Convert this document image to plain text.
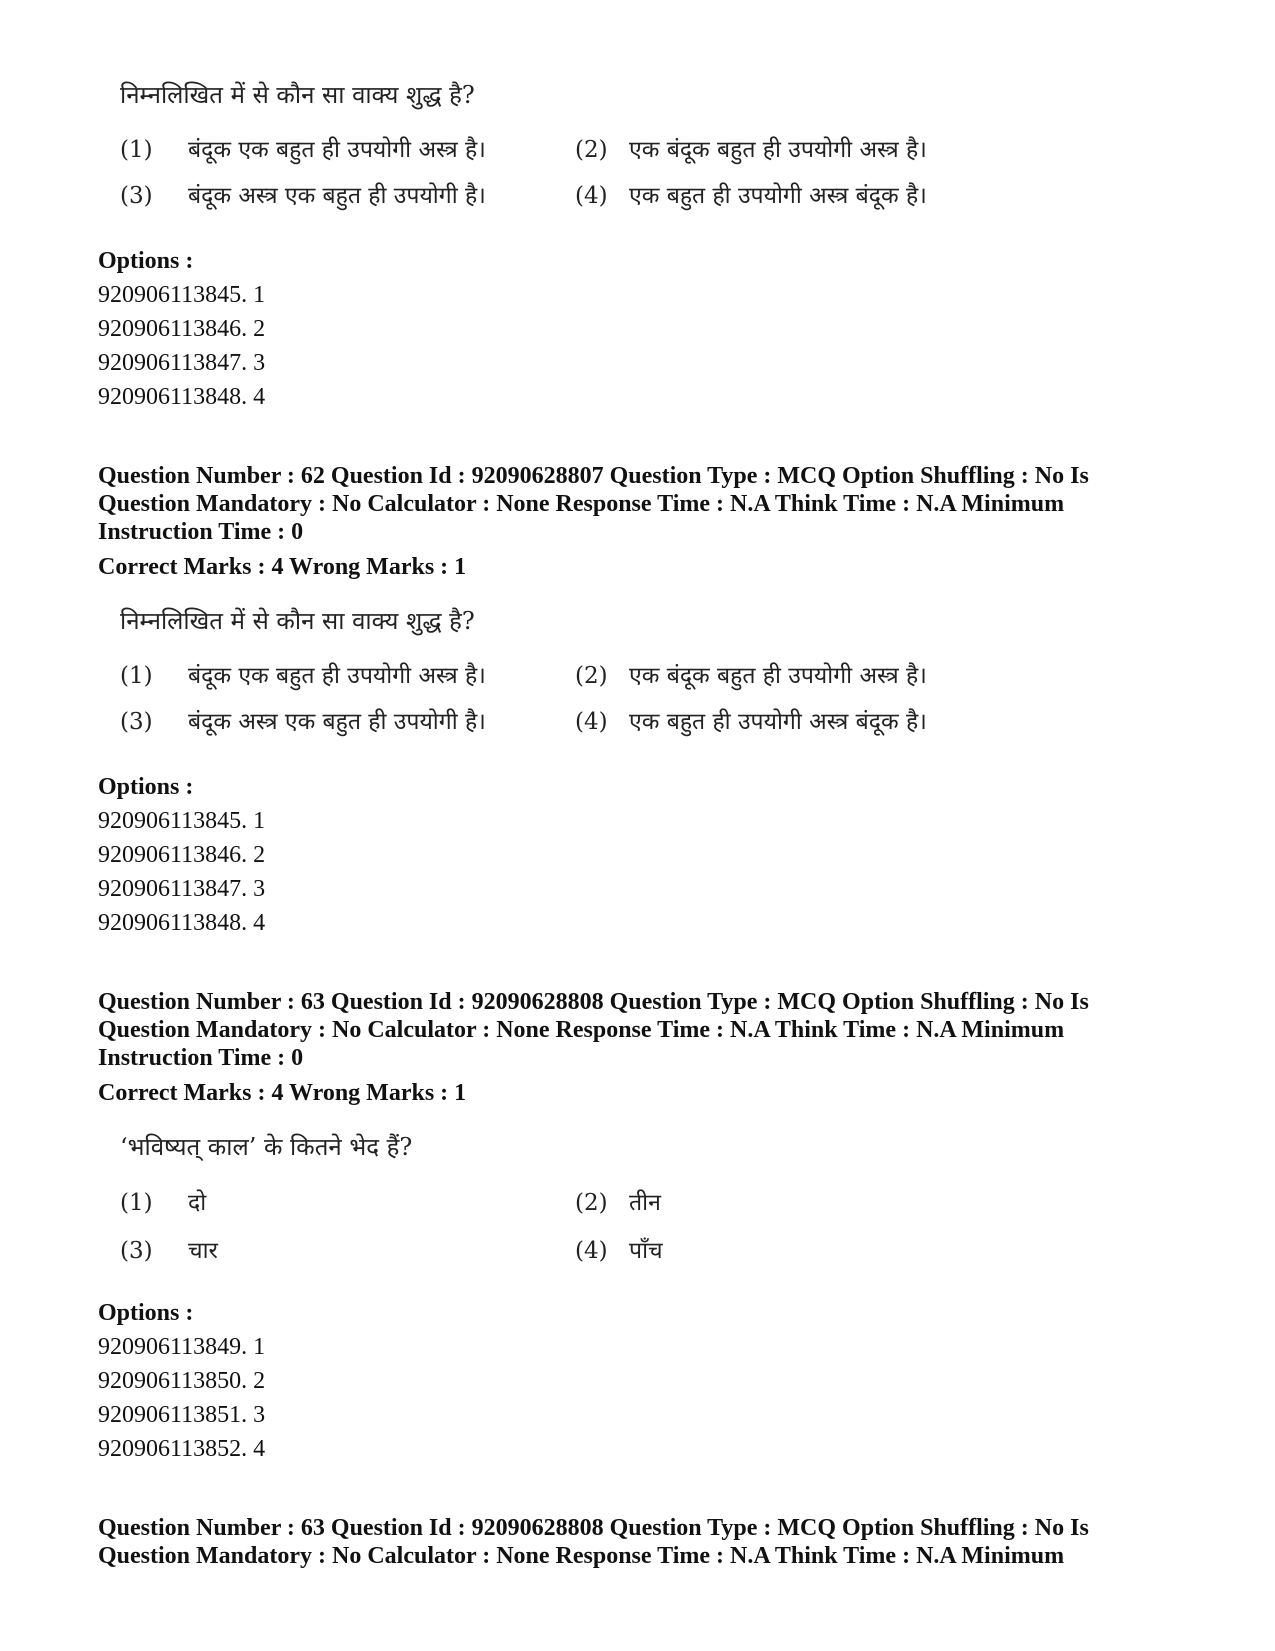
निम्नलिखित में से कौन सा वाक्य शुद्ध है?
(1) बंदूक एक बहुत ही उपयोगी अस्त्र है।	(2) एक बंदूक बहुत ही उपयोगी अस्त्र है।
(3) बंदूक अस्त्र एक बहुत ही उपयोगी है।	(4) एक बहुत ही उपयोगी अस्त्र बंदूक है।
Options :
920906113845. 1
920906113846. 2
920906113847. 3
920906113848. 4
Question Number : 62 Question Id : 92090628807 Question Type : MCQ Option Shuffling : No Is
Question Mandatory : No Calculator : None Response Time : N.A Think Time : N.A Minimum
Instruction Time : 0
Correct Marks : 4 Wrong Marks : 1
निम्नलिखित में से कौन सा वाक्य शुद्ध है?
(1) बंदूक एक बहुत ही उपयोगी अस्त्र है।	(2) एक बंदूक बहुत ही उपयोगी अस्त्र है।
(3) बंदूक अस्त्र एक बहुत ही उपयोगी है।	(4) एक बहुत ही उपयोगी अस्त्र बंदूक है।
Options :
920906113845. 1
920906113846. 2
920906113847. 3
920906113848. 4
Question Number : 63 Question Id : 92090628808 Question Type : MCQ Option Shuffling : No Is
Question Mandatory : No Calculator : None Response Time : N.A Think Time : N.A Minimum
Instruction Time : 0
Correct Marks : 4 Wrong Marks : 1
‘भविष्यत् काल’ के कितने भेद हैं?
(1) दो	(2) तीन
(3) चार	(4) पाँच
Options :
920906113849. 1
920906113850. 2
920906113851. 3
920906113852. 4
Question Number : 63 Question Id : 92090628808 Question Type : MCQ Option Shuffling : No Is
Question Mandatory : No Calculator : None Response Time : N.A Think Time : N.A Minimum
